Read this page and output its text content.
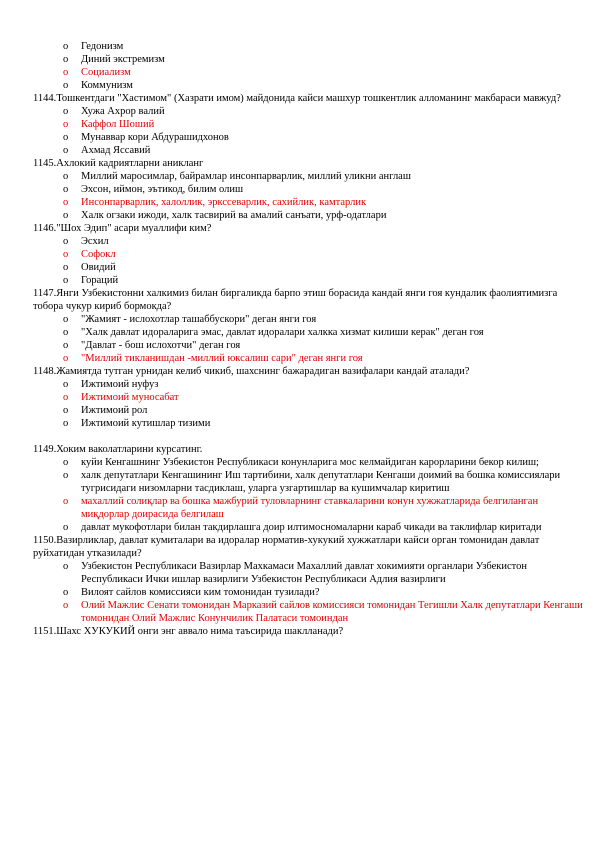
o Гедонизм
o Диний экстремизм
o Социализм
o Коммунизм
1144.Тошкентдаги "Хастимом" (Хазрати имом) майдонида кайси машхур тошкентлик алломанинг макбараси мавжуд?
o Хужа Ахрор валий
o Каффол Шоший
o Мунаввар кори Абдурашидхонов
o Ахмад Яссавий
1145.Ахлокий кадриятларни аникланг
o Миллий маросимлар, байрамлар инсонпарварлик, миллий уликни англаш
o Эхсон, иймон, эътикод, билим олиш
o Инсонпарварлик, халоллик, эркссеварлик, сахийлик, камтарлик
o Халк огзаки ижоди, халк тасвирий ва амалий санъати, урф-одатлари
1146."Шох Эдип" асари муаллифи ким?
o Эсхил
o Софокл
o Овидий
o Гораций
1147.Янги Узбекистонни халкимиз билан биргаликда барпо этиш борасида кандай янги гоя кундалик фаолиятимизга тобора чукур кириб бормокда?
o "Жамият - ислохотлар ташаббускори" деган янги гоя
o "Халк давлат идораларига эмас, давлат идоралари халкка хизмат килиши керак" деган гоя
o "Давлат - бош ислохотчи" деган гоя
o "Миллий тикланишдан -миллий юксалиш сари" деган янги гоя
1148.Жамиятда тутган урнидан келиб чикиб, шахснинг бажарадиган вазифалари кандай аталади?
o Ижтимоий нуфуз
o Ижтимоий муносабат
o Ижтимоий рол
o Ижтимоий кутишлар тизими
1149.Хоким ваколатларини курсатинг.
o куйи Кенгашнинг Узбекистон Республикаси конунларига мос келмайдиган карорларини бекор килиш;
o халк депутатлари Кенгашининг Иш тартибини, халк депутатлари Кенгаши доимий ва бошка комиссиялари тугрисидаги низомларни тасдиклаш, уларга узгартишлар ва кушимчалар киритиш
o махаллий солиқлар ва бошка мажбурий туловларнинг ставкаларини конун хужжатларида белгиланган миқдорлар доирасида белгилаш
o давлат мукофотлари билан такдирлашга доир илтимосномаларни караб чикади ва таклифлар киритади
1150.Вазирликлар, давлат кумиталари ва идоралар норматив-хукукий хужжатлари кайси орган томонидан давлат руйхатидан утказилади?
o Узбекистон Республикаси Вазирлар Махкамаси Махаллий давлат хокимияти органлари Узбекистон Республикаси Ички ишлар вазирлиги Узбекистон Республикаси Адлия вазирлиги
o Вилоят сайлов комиссияси ким томонидан тузилади?
o Олий Мажлис Сенати томонидан Марказий сайлов комиссияси томонидан Тегишли Халк депутатлари Кенгаши томонидан Олий Мажлис Конунчилик Палатаси томоиндан
1151.Шахс ХУКУКИЙ онги энг аввало нима таъсирида шаклланади?
